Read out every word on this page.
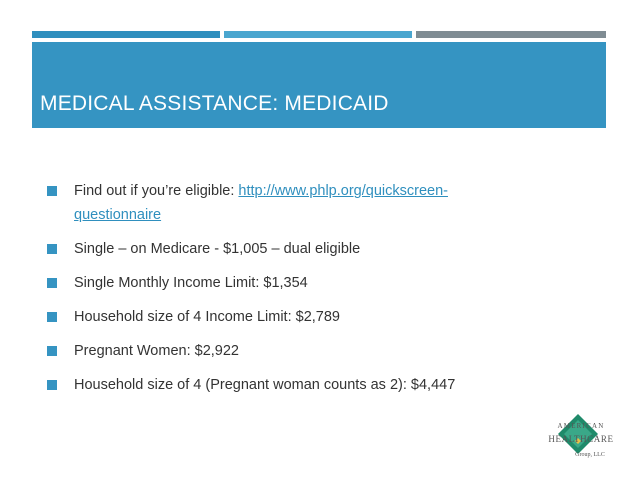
MEDICAL ASSISTANCE: MEDICAID
Find out if you’re eligible: http://www.phlp.org/quickscreen-
questionnaire
Single – on Medicare - $1,005 – dual eligible
Single Monthly Income Limit: $1,354
Household size of 4 Income Limit: $2,789
Pregnant Women: $2,922
Household size of 4 (Pregnant woman counts as 2): $4,447
AMERICAN
HEALTHCARE
Group, LLC
